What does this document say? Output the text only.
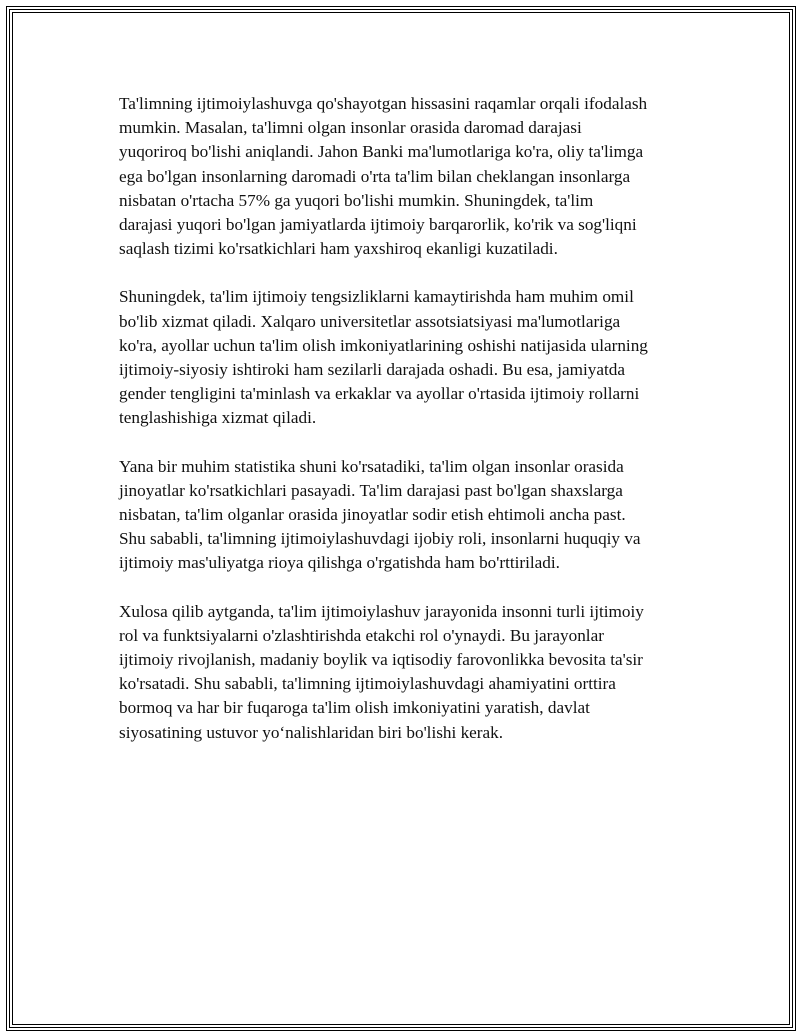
Ta'limning ijtimoiylashuvga qo'shayotgan hissasini raqamlar orqali ifodalash
mumkin. Masalan, ta'limni olgan insonlar orasida daromad darajasi
yuqoriroq bo'lishi aniqlandi. Jahon Banki ma'lumotlariga ko'ra, oliy ta'limga
ega bo'lgan insonlarning daromadi o'rta ta'lim bilan cheklangan insonlarga
nisbatan o'rtacha 57% ga yuqori bo'lishi mumkin. Shuningdek, ta'lim
darajasi yuqori bo'lgan jamiyatlarda ijtimoiy barqarorlik, ko'rik va sog'liqni
saqlash tizimi ko'rsatkichlari ham yaxshiroq ekanligi kuzatiladi.

Shuningdek, ta'lim ijtimoiy tengsizliklarni kamaytirishda ham muhim omil
bo'lib xizmat qiladi. Xalqaro universitetlar assotsiatsiyasi ma'lumotlariga
ko'ra, ayollar uchun ta'lim olish imkoniyatlarining oshishi natijasida ularning
ijtimoiy-siyosiy ishtiroki ham sezilarli darajada oshadi. Bu esa, jamiyatda
gender tengligini ta'minlash va erkaklar va ayollar o'rtasida ijtimoiy rollarni
tenglashishiga xizmat qiladi.

Yana bir muhim statistika shuni ko'rsatadiki, ta'lim olgan insonlar orasida
jinoyatlar ko'rsatkichlari pasayadi. Ta'lim darajasi past bo'lgan shaxslarga
nisbatan, ta'lim olganlar orasida jinoyatlar sodir etish ehtimoli ancha past.
Shu sababli, ta'limning ijtimoiylashuvdagi ijobiy roli, insonlarni huquqiy va
ijtimoiy mas'uliyatga rioya qilishga o'rgatishda ham bo'rttiriladi.

Xulosa qilib aytganda, ta'lim ijtimoiylashuv jarayonida insonni turli ijtimoiy
rol va funktsiyalarni o'zlashtirishda etakchi rol o'ynaydi. Bu jarayonlar
ijtimoiy rivojlanish, madaniy boylik va iqtisodiy farovonlikka bevosita ta'sir
ko'rsatadi. Shu sababli, ta'limning ijtimoiylashuvdagi ahamiyatini orttira
bormoq va har bir fuqaroga ta'lim olish imkoniyatini yaratish, davlat
siyosatining ustuvor yo‘nalishlaridan biri bo'lishi kerak.
